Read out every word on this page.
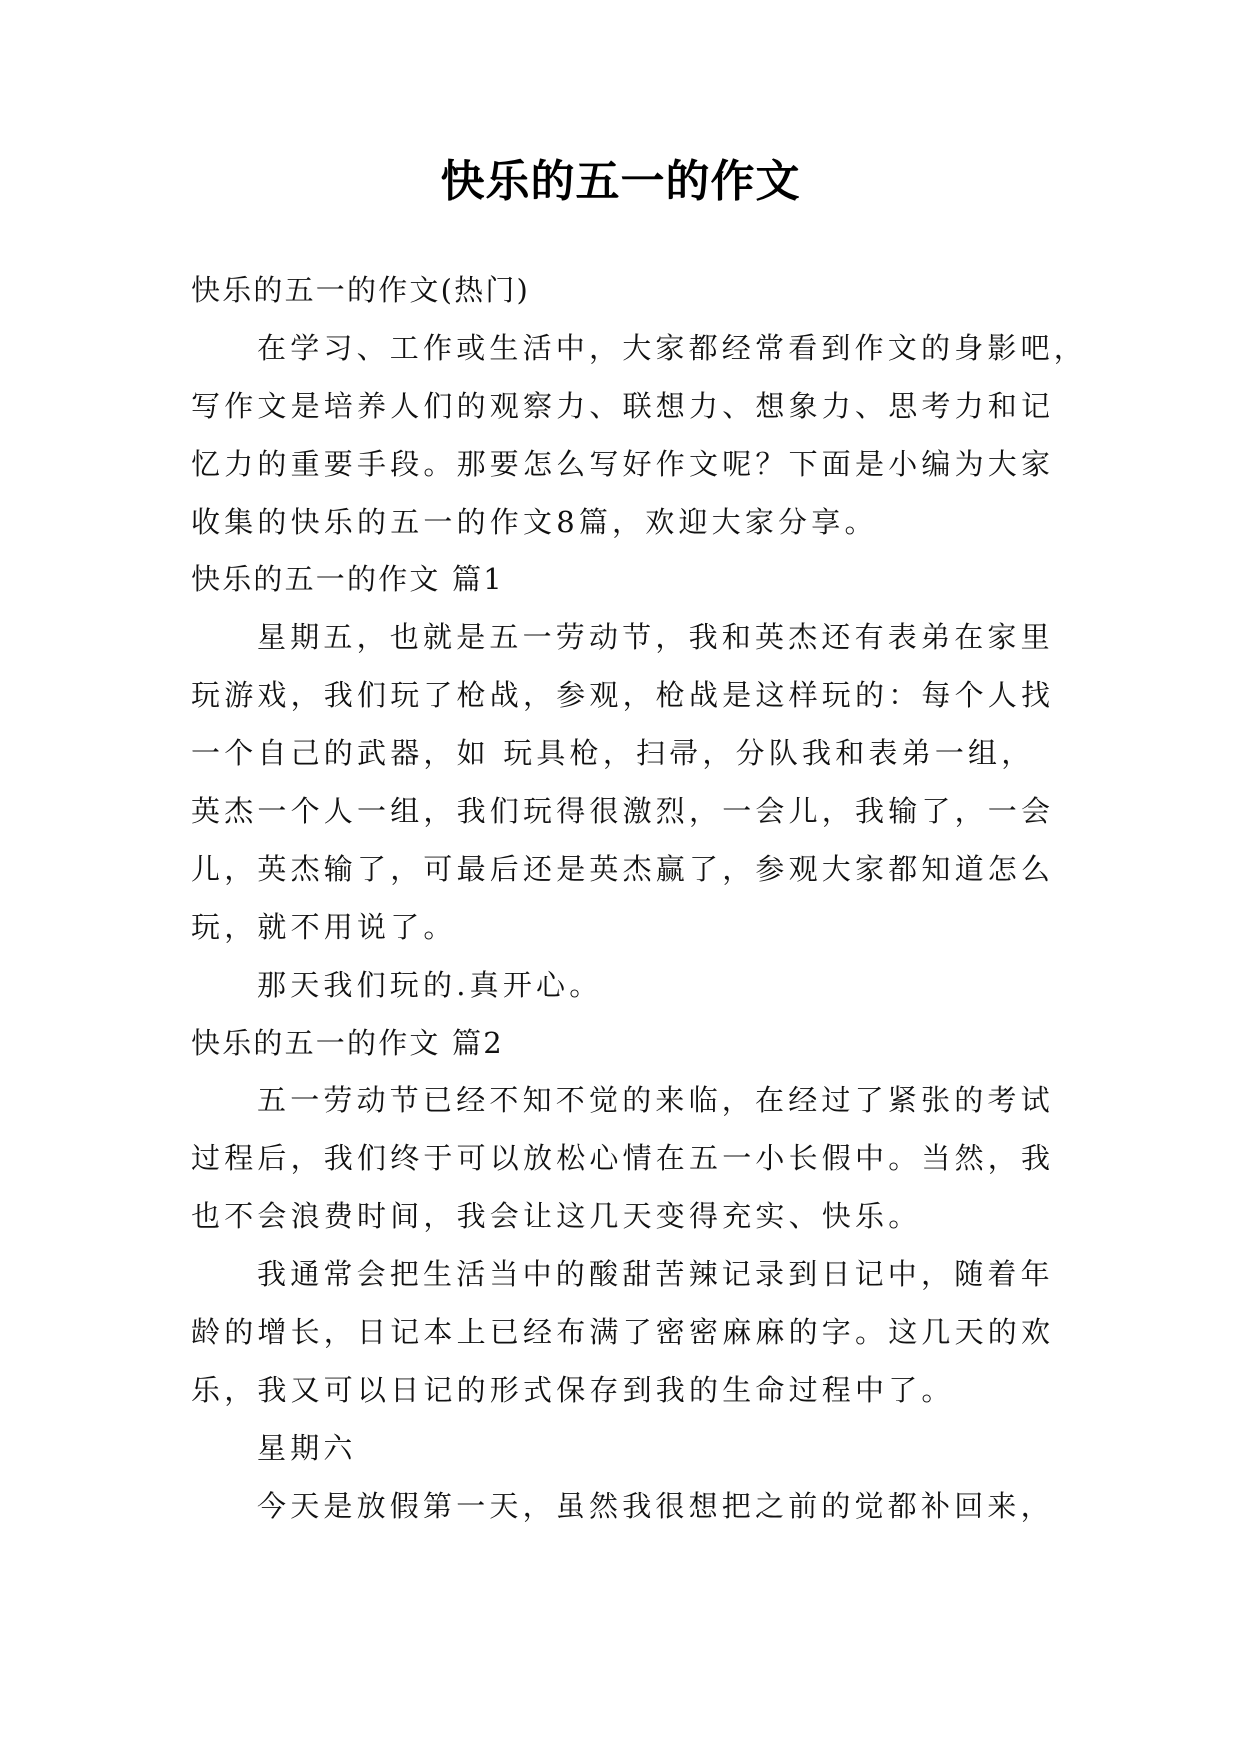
快乐的五一的作文

快乐的五一的作文(热门)

在学习、工作或生活中，大家都经常看到作文的身影吧，

写作文是培养人们的观察力、联想力、想象力、思考力和记

忆力的重要手段。那要怎么写好作文呢？下面是小编为大家

收集的快乐的五一的作文8篇，欢迎大家分享。

快乐的五一的作文 篇1

星期五，也就是五一劳动节，我和英杰还有表弟在家里

玩游戏，我们玩了枪战，参观，枪战是这样玩的：每个人找

一个自己的武器，如 玩具枪，扫帚，分队我和表弟一组，

英杰一个人一组，我们玩得很激烈，一会儿，我输了，一会

儿，英杰输了，可最后还是英杰赢了，参观大家都知道怎么

玩，就不用说了。

那天我们玩的.真开心。

快乐的五一的作文 篇2

五一劳动节已经不知不觉的来临，在经过了紧张的考试

过程后，我们终于可以放松心情在五一小长假中。当然，我

也不会浪费时间，我会让这几天变得充实、快乐。

我通常会把生活当中的酸甜苦辣记录到日记中，随着年

龄的增长，日记本上已经布满了密密麻麻的字。这几天的欢

乐，我又可以日记的形式保存到我的生命过程中了。

星期六

今天是放假第一天，虽然我很想把之前的觉都补回来，
